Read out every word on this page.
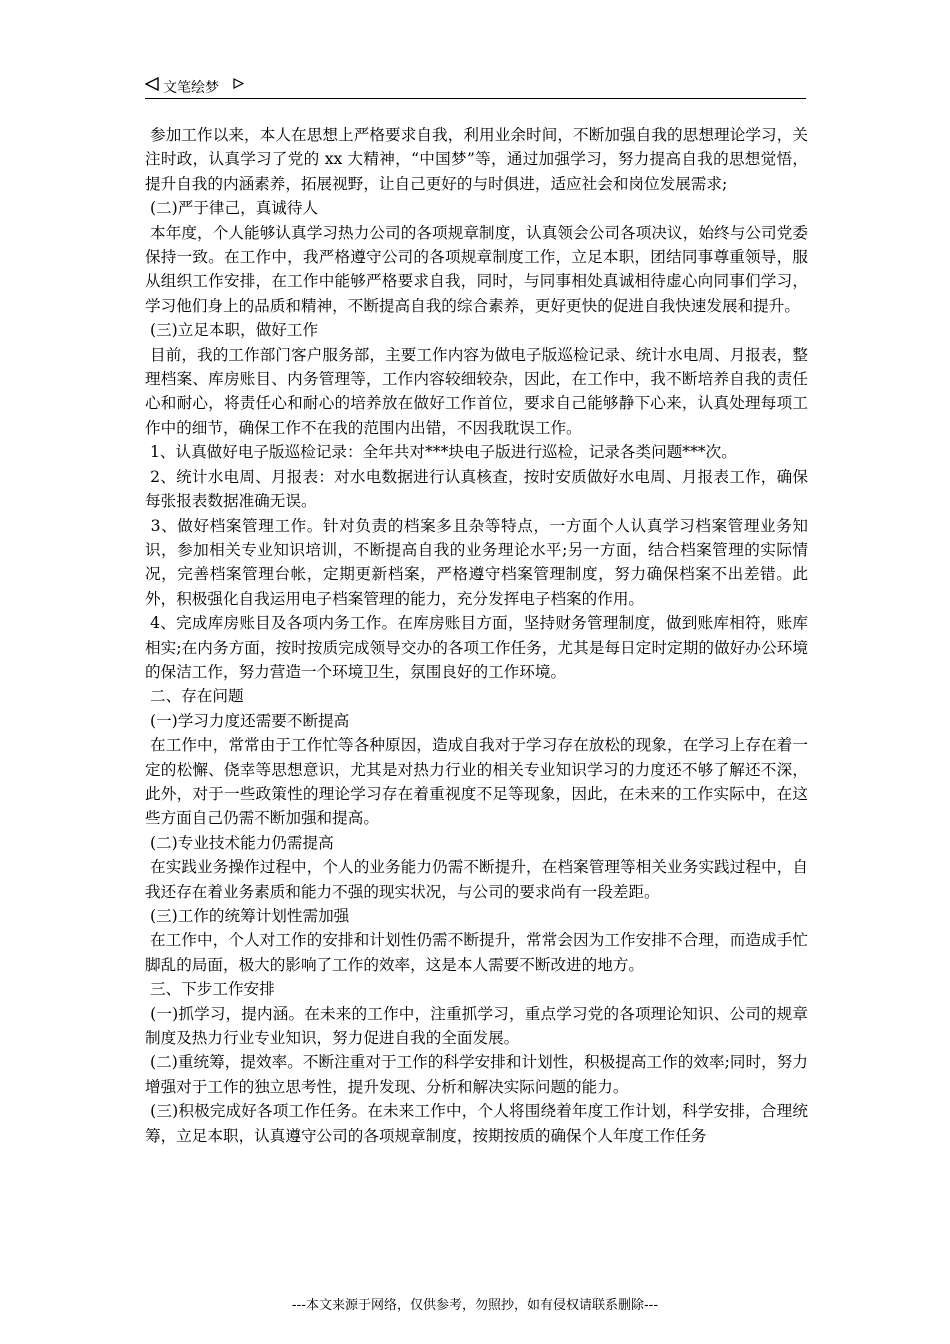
文笔绘梦

参加工作以来，本人在思想上严格要求自我，利用业余时间，不断加强自我的思想理论学习，关注时政，认真学习了党的 xx 大精神，“中国梦”等，通过加强学习，努力提高自我的思想觉悟，提升自我的内涵素养，拓展视野，让自己更好的与时俱进，适应社会和岗位发展需求;

(二)严于律己，真诚待人

本年度，个人能够认真学习热力公司的各项规章制度，认真领会公司各项决议，始终与公司党委保持一致。在工作中，我严格遵守公司的各项规章制度工作，立足本职，团结同事尊重领导，服从组织工作安排，在工作中能够严格要求自我，同时，与同事相处真诚相待虚心向同事们学习，学习他们身上的品质和精神，不断提高自我的综合素养，更好更快的促进自我快速发展和提升。

(三)立足本职，做好工作

目前，我的工作部门客户服务部，主要工作内容为做电子版巡检记录、统计水电周、月报表，整理档案、库房账目、内务管理等，工作内容较细较杂，因此，在工作中，我不断培养自我的责任心和耐心，将责任心和耐心的培养放在做好工作首位，要求自己能够静下心来，认真处理每项工作中的细节，确保工作不在我的范围内出错，不因我耽误工作。

1、认真做好电子版巡检记录：全年共对***块电子版进行巡检，记录各类问题***次。

2、统计水电周、月报表：对水电数据进行认真核查，按时安质做好水电周、月报表工作，确保每张报表数据准确无误。

3、做好档案管理工作。针对负责的档案多且杂等特点，一方面个人认真学习档案管理业务知识，参加相关专业知识培训，不断提高自我的业务理论水平;另一方面，结合档案管理的实际情况，完善档案管理台帐，定期更新档案，严格遵守档案管理制度，努力确保档案不出差错。此外，积极强化自我运用电子档案管理的能力，充分发挥电子档案的作用。

4、完成库房账目及各项内务工作。在库房账目方面，坚持财务管理制度，做到账库相符，账库相实;在内务方面，按时按质完成领导交办的各项工作任务，尤其是每日定时定期的做好办公环境的保洁工作，努力营造一个环境卫生，氛围良好的工作环境。

二、存在问题

(一)学习力度还需要不断提高

在工作中，常常由于工作忙等各种原因，造成自我对于学习存在放松的现象，在学习上存在着一定的松懈、侥幸等思想意识，尤其是对热力行业的相关专业知识学习的力度还不够了解还不深，此外，对于一些政策性的理论学习存在着重视度不足等现象，因此，在未来的工作实际中，在这些方面自己仍需不断加强和提高。

(二)专业技术能力仍需提高

在实践业务操作过程中，个人的业务能力仍需不断提升，在档案管理等相关业务实践过程中，自我还存在着业务素质和能力不强的现实状况，与公司的要求尚有一段差距。

(三)工作的统筹计划性需加强

在工作中，个人对工作的安排和计划性仍需不断提升，常常会因为工作安排不合理，而造成手忙脚乱的局面，极大的影响了工作的效率，这是本人需要不断改进的地方。

三、下步工作安排

(一)抓学习，提内涵。在未来的工作中，注重抓学习，重点学习党的各项理论知识、公司的规章制度及热力行业专业知识，努力促进自我的全面发展。

(二)重统筹，提效率。不断注重对于工作的科学安排和计划性，积极提高工作的效率;同时，努力增强对于工作的独立思考性，提升发现、分析和解决实际问题的能力。

(三)积极完成好各项工作任务。在未来工作中，个人将围绕着年度工作计划，科学安排，合理统筹，立足本职，认真遵守公司的各项规章制度，按期按质的确保个人年度工作任务

---本文来源于网络，仅供参考，勿照抄，如有侵权请联系删除---
